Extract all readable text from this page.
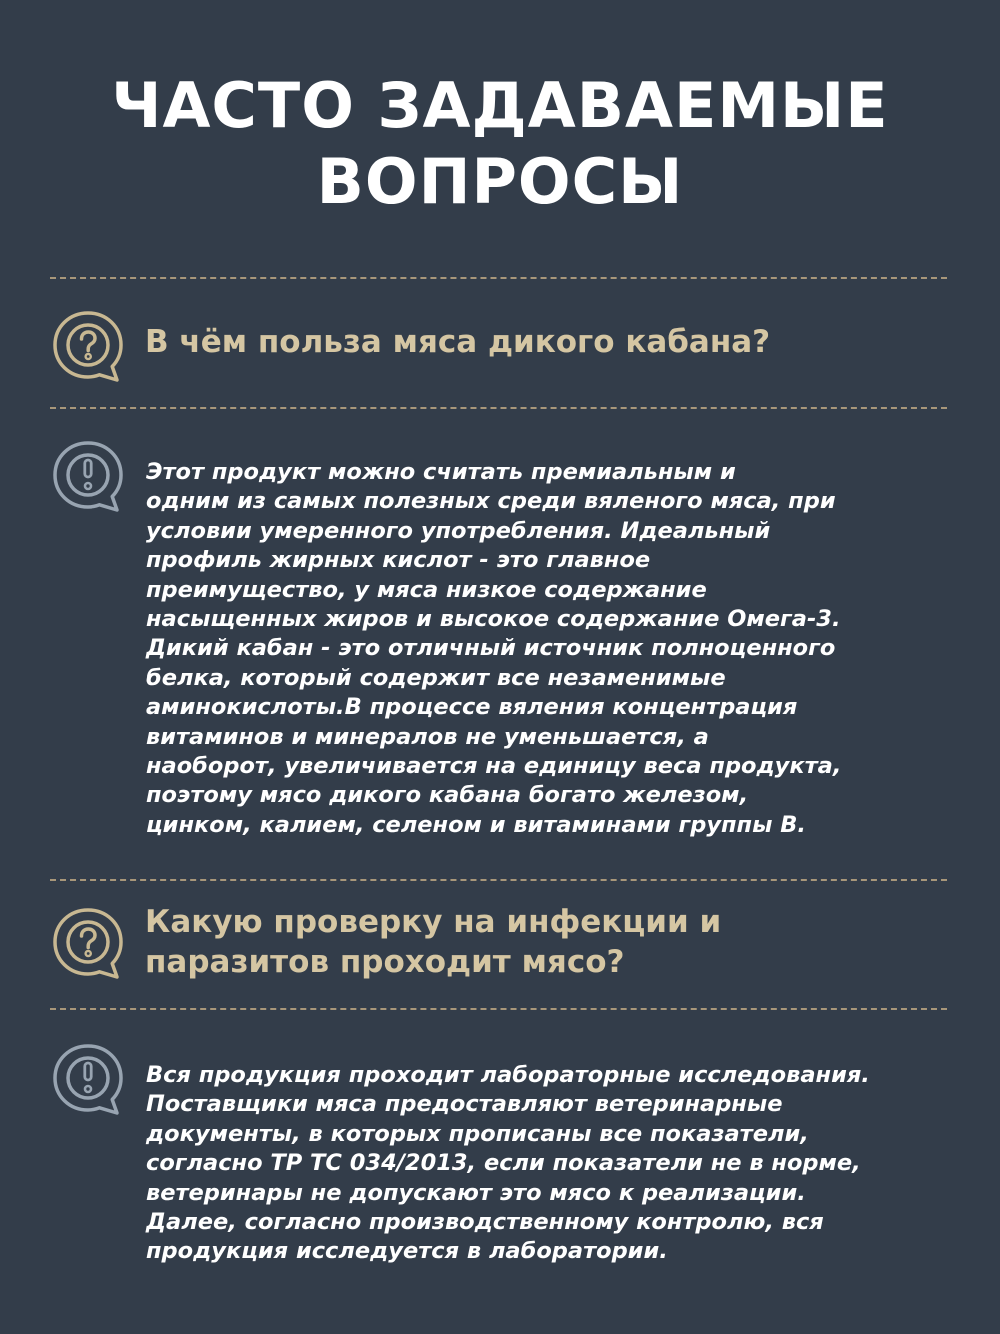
ЧАСТО ЗАДАВАЕМЫЕ
ВОПРОСЫ
В чём польза мяса дикого кабана?

Этот продукт можно считать премиальным и
одним из самых полезных среди вяленого мяса, при
условии умеренного употребления. Идеальный
профиль жирных кислот - это главное
преимущество, у мяса низкое содержание
насыщенных жиров и высокое содержание Омега-3.
Дикий кабан - это отличный источник полноценного
белка, который содержит все незаменимые
аминокислоты.В процессе вяления концентрация
витаминов и минералов не уменьшается, а
наоборот, увеличивается на единицу веса продукта,
поэтому мясо дикого кабана богато железом,
цинком, калием, селеном и витаминами группы В.

Какую проверку на инфекции и
паразитов проходит мясо?

Вся продукция проходит лабораторные исследования.
Поставщики мяса предоставляют ветеринарные
документы, в которых прописаны все показатели,
согласно ТР ТС 034/2013, если показатели не в норме,
ветеринары не допускают это мясо к реализации.
Далее, согласно производственному контролю, вся
продукция исследуется в лаборатории.
